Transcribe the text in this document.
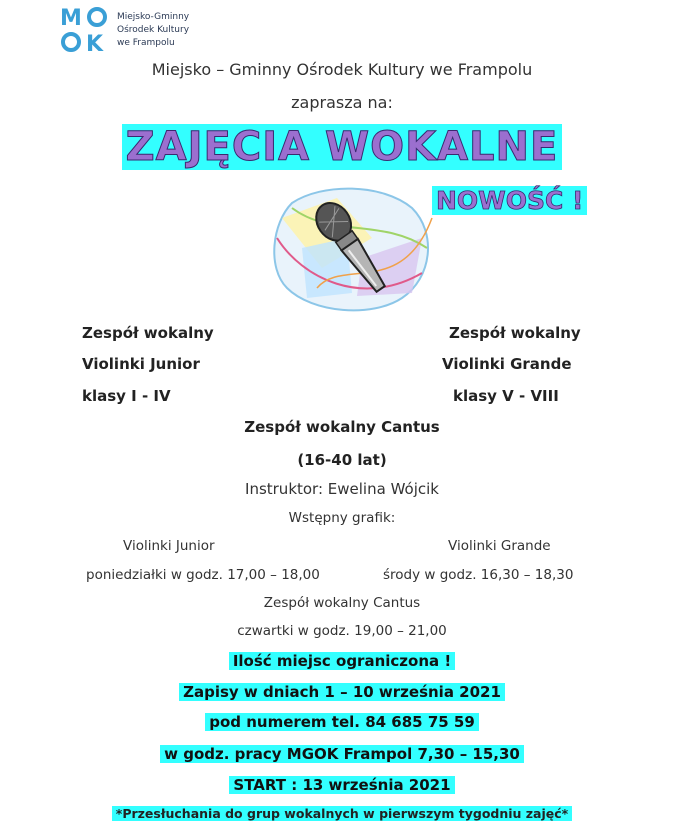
M
K
Miejsko-Gminny
Ośrodek Kultury
we Frampolu
Miejsko – Gminny Ośrodek Kultury we Frampolu
zaprasza na:
ZAJĘCIA WOKALNE
NOWOŚĆ !
Zespół wokalny
Violinki Junior
klasy I - IV
Zespół wokalny
Violinki Grande
klasy V - VIII
Zespół wokalny Cantus
(16-40 lat)
Instruktor: Ewelina Wójcik
Wstępny grafik:
Violinki Junior
poniedziałki w godz. 17,00 – 18,00
Violinki Grande
środy w godz. 16,30 – 18,30
Zespół wokalny Cantus
czwartki w godz. 19,00 – 21,00
Ilość miejsc ograniczona !
Zapisy w dniach 1 – 10 września 2021
pod numerem tel. 84 685 75 59
w godz. pracy MGOK Frampol 7,30 – 15,30
START : 13 września 2021
*Przesłuchania do grup wokalnych w pierwszym tygodniu zajęć*
